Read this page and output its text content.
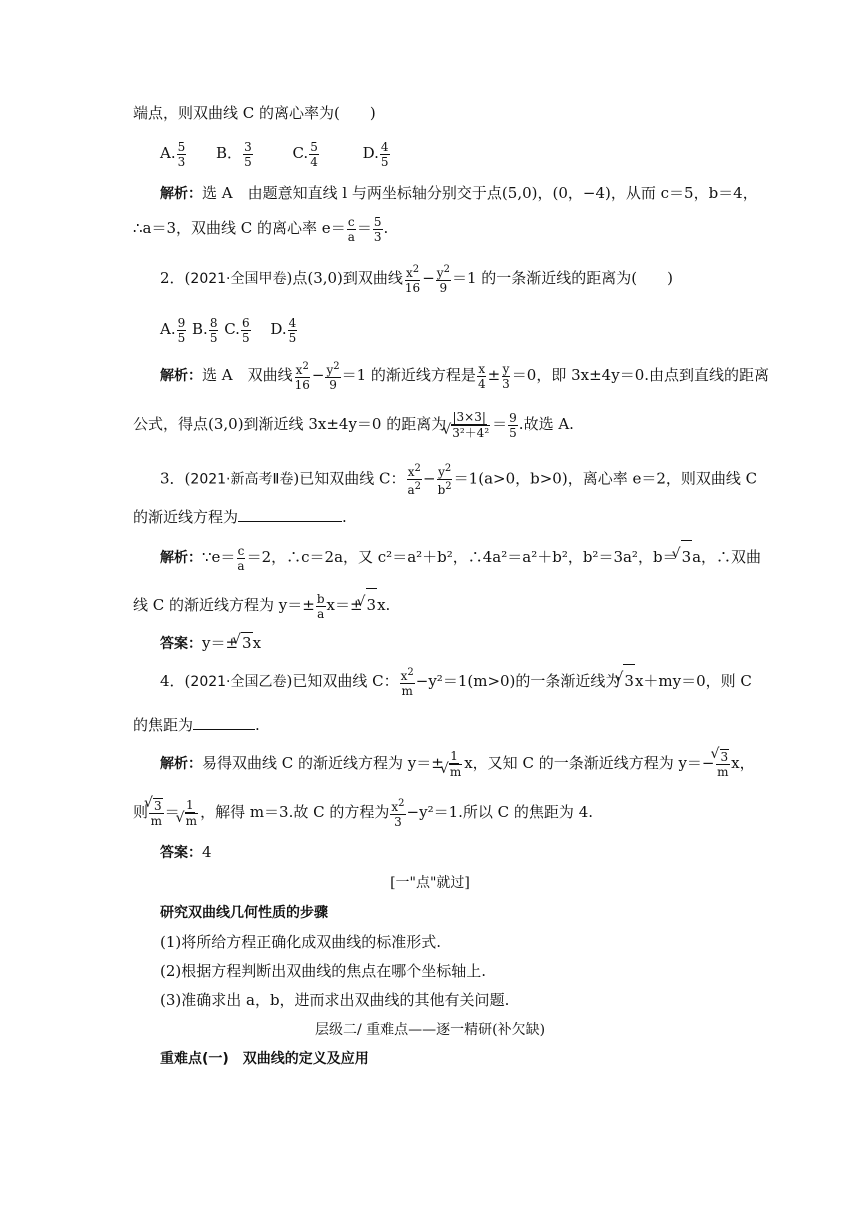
端点，则双曲线 C 的离心率为(　　)
A. $\frac{5}{3}$ B． $\frac{3}{5}$	C. $\frac{5}{4}$	D. $\frac{4}{5}$
解析：选 A　由题意知直线 l 与两坐标轴分别交于点(5,0)，(0，−4)，从而 c＝5，b＝4，
∴a＝3，双曲线 C 的离心率 $e= \frac{c}{a} = \frac{5}{3}$ .
2．(2021·全国甲卷)点(3,0)到双曲线 $\frac{x^2}{16} - \frac{y^2}{9} =1$ 的一条渐近线的距离为(　　)
A. $\frac{9}{5} B$. $\frac{8}{5} C$. $\frac{6}{5} D$. $\frac{4}{5}$
解析：选 A　双曲线 $\frac{x^2}{16} - \frac{y^2}{9} =1$ 的渐近线方程是 $\frac{x}{4} \pm \frac{y}{3} =0$，即 3x±4y＝0.由点到直线的距离
公式，得点(3,0)到渐近线 3x±4y＝0 的距离为 |3×3|
√ $3^2+4^2 = \frac{9}{5}$ .故选 A.
3．(2021·新高考Ⅱ卷)已知双曲线 C： $\frac{x^2}{a^2} - \frac{y^2}{b^2} =1(a>0$，b>0)，离心率 e＝2，则双曲线 C
的渐近线方程为	.
解析：∵e＝ $\frac{c}{a} =2$，∴c＝2a，又 c²＝a²＋b²，∴4a²＝a²＋b²，b²＝3a²，b＝√ 3a，∴双曲
线 C 的渐近线方程为 $y=\pm \frac{b}{a} x=\pm√$ 3x.
答案：y＝±√ 3x
4．(2021·全国乙卷)已知双曲线 C： $\frac{x^2}{m} -y^2=1(m>0)$的一条渐近线为√ 3x＋my＝0，则 C
的焦距为	.
解析：易得双曲线 C 的渐近线方程为 y＝± 1
√ m x，又知 C 的一条渐近线方程为 y＝−
√ $\frac{3}{m}$ x，
则
√ $\frac{3}{m} = 1$
√ m ，解得 m＝3.故 C 的方程为 $\frac{x^2}{3} -y^2=1$.所以 C 的焦距为 4.
答案：4
[一"点"就过]
研究双曲线几何性质的步骤
(1)将所给方程正确化成双曲线的标准形式.
(2)根据方程判断出双曲线的焦点在哪个坐标轴上.
(3)准确求出 a，b，进而求出双曲线的其他有关问题.
层级二/ 重难点——逐一精研(补欠缺)
重难点(一)　双曲线的定义及应用
